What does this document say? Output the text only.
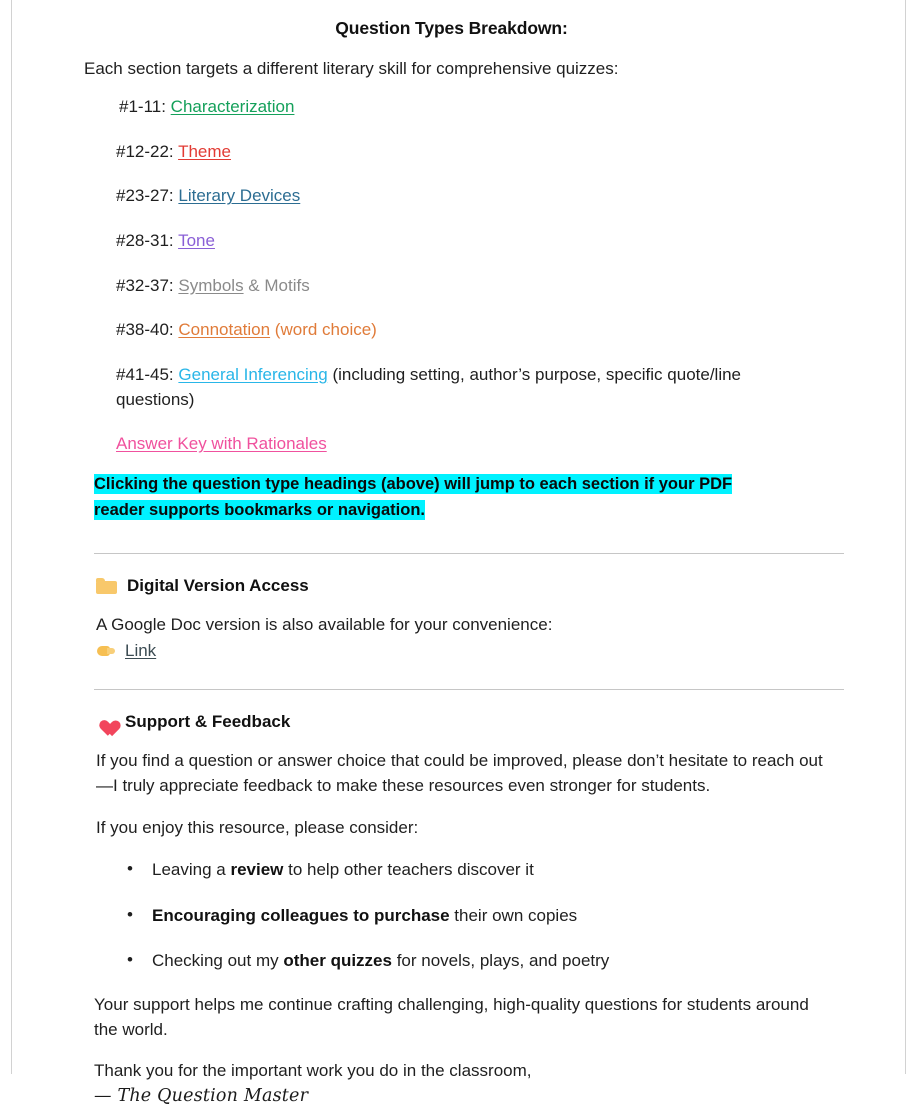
Question Types Breakdown:
Each section targets a different literary skill for comprehensive quizzes:
#1-11: Characterization
#12-22: Theme
#23-27: Literary Devices
#28-31: Tone
#32-37: Symbols & Motifs
#38-40: Connotation (word choice)
#41-45: General Inferencing (including setting, author’s purpose, specific quote/line questions)
Answer Key with Rationales
Clicking the question type headings (above) will jump to each section if your PDF reader supports bookmarks or navigation.
Digital Version Access
A Google Doc version is also available for your convenience:
Link
Support & Feedback
If you find a question or answer choice that could be improved, please don’t hesitate to reach out—I truly appreciate feedback to make these resources even stronger for students.
If you enjoy this resource, please consider:
• Leaving a review to help other teachers discover it
• Encouraging colleagues to purchase their own copies
• Checking out my other quizzes for novels, plays, and poetry
Your support helps me continue crafting challenging, high-quality questions for students around the world.
Thank you for the important work you do in the classroom,
— The Question Master
